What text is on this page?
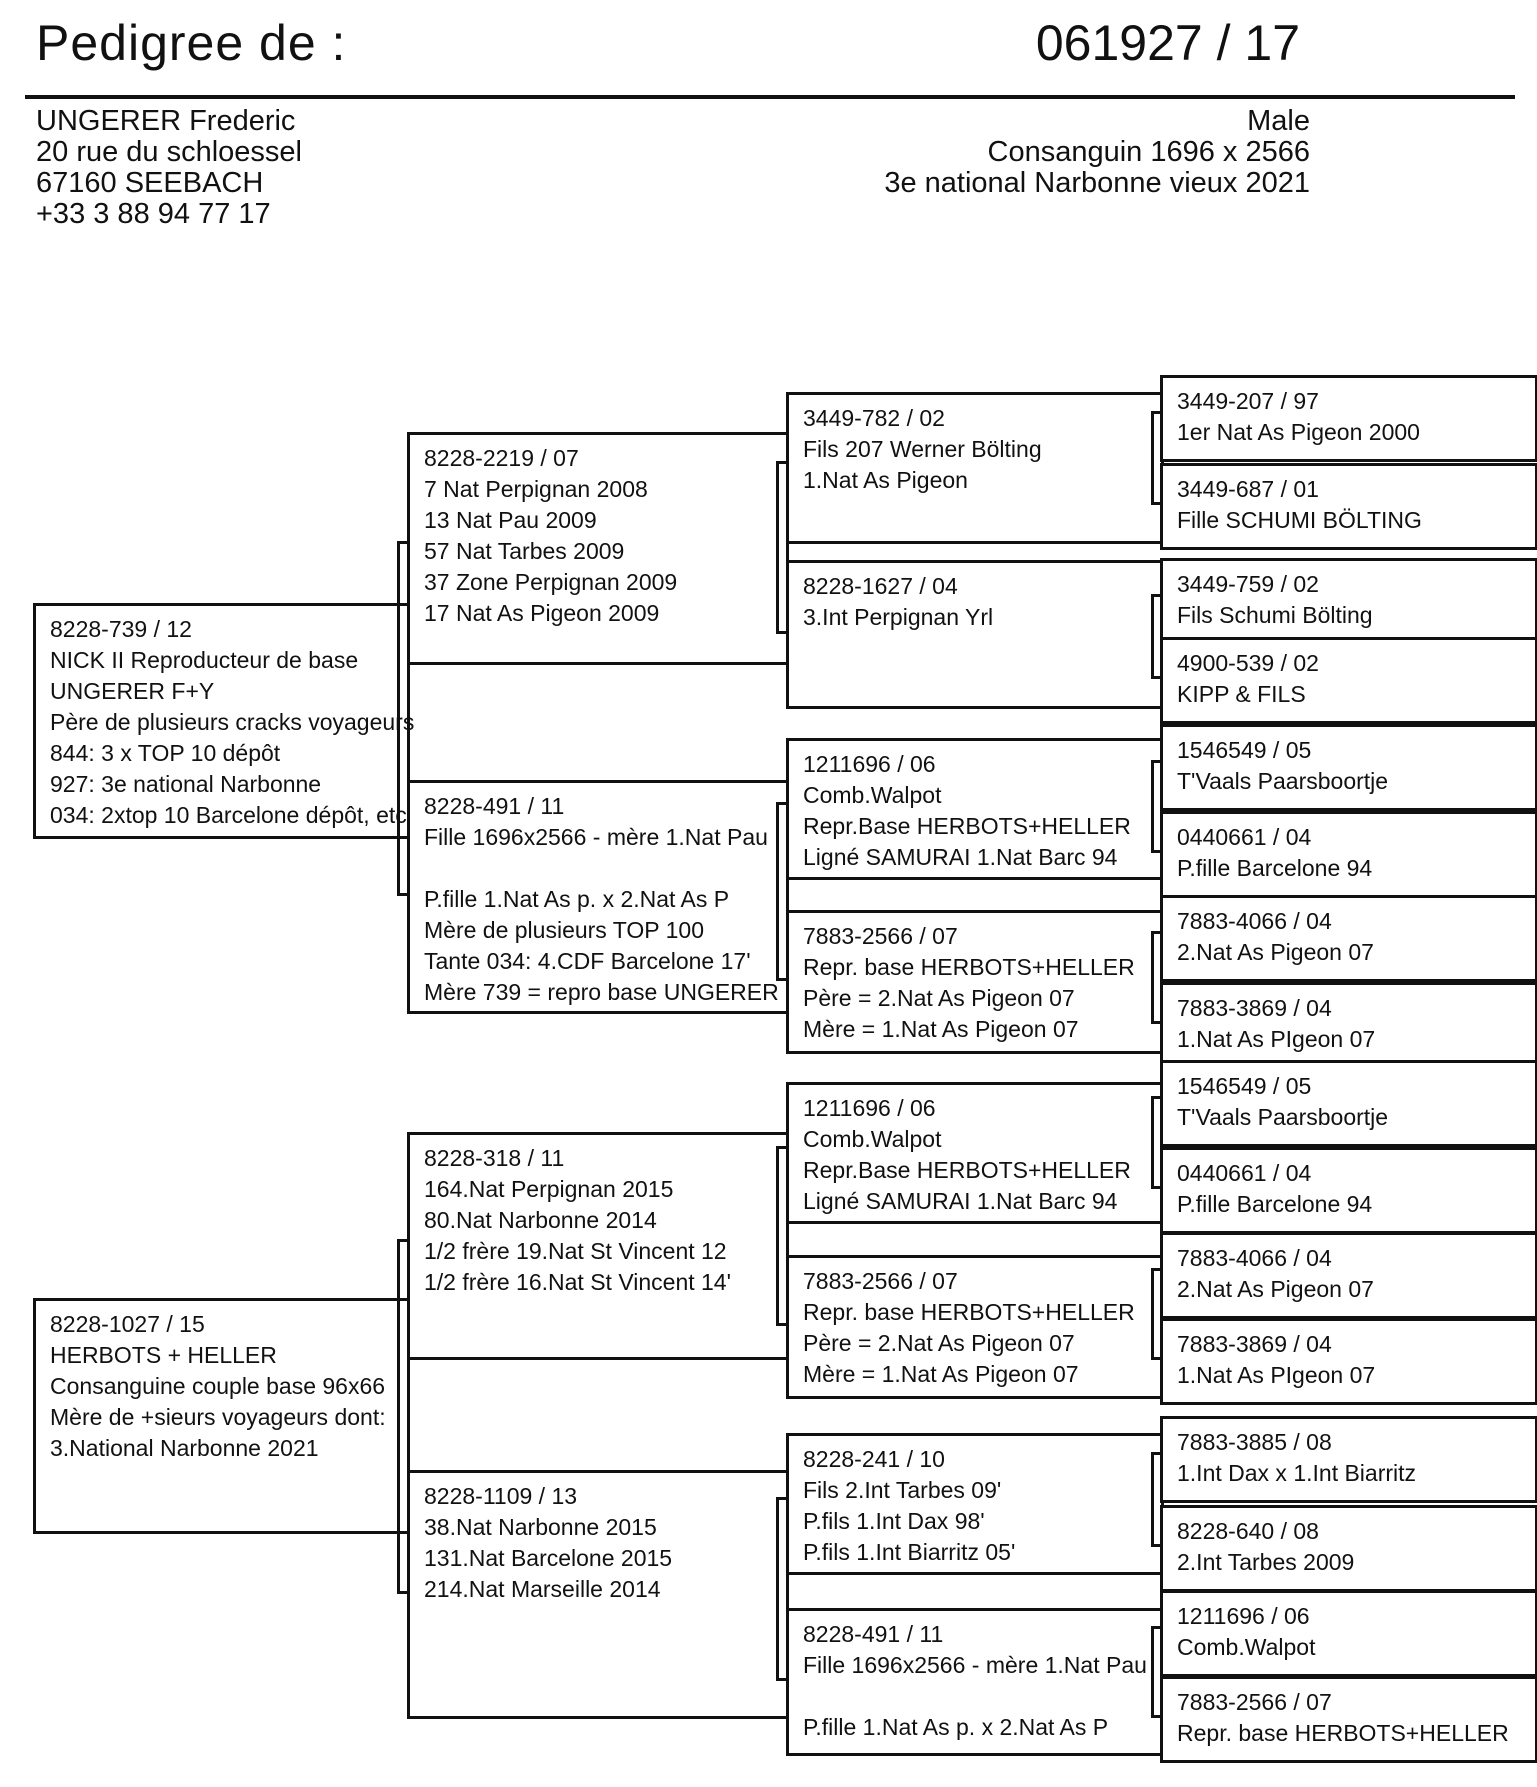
Pedigree de :	061927 / 17
UNGERER Frederic
20 rue du schloessel
67160 SEEBACH
+33 3 88 94 77 17
Male
Consanguin 1696 x 2566
3e national Narbonne vieux 2021
8228-739 / 12
NICK II Reproducteur de base
UNGERER F+Y
Père de plusieurs cracks voyageurs
844: 3 x TOP 10 dépôt
927: 3e national Narbonne
034: 2xtop 10 Barcelone dépôt, etc
8228-1027 / 15
HERBOTS + HELLER
Consanguine couple base 96x66
Mère de +sieurs voyageurs dont:
3.National Narbonne 2021
8228-2219 / 07
7 Nat Perpignan 2008
13 Nat Pau 2009
57 Nat Tarbes 2009
37 Zone Perpignan 2009
17 Nat As Pigeon 2009
8228-491 / 11
Fille 1696x2566 - mère 1.Nat Pau
P.fille 1.Nat As p. x 2.Nat As P
Mère de plusieurs TOP 100
Tante 034: 4.CDF Barcelone 17'
Mère 739 = repro base UNGERER
8228-318 / 11
164.Nat Perpignan 2015
80.Nat Narbonne 2014
1/2 frère 19.Nat St Vincent 12
1/2 frère 16.Nat St Vincent 14'
8228-1109 / 13
38.Nat Narbonne 2015
131.Nat Barcelone 2015
214.Nat Marseille 2014
3449-782 / 02
Fils 207 Werner Bölting
1.Nat As Pigeon
8228-1627 / 04
3.Int Perpignan Yrl
1211696 / 06
Comb.Walpot
Repr.Base HERBOTS+HELLER
Ligné SAMURAI 1.Nat Barc 94
7883-2566 / 07
Repr. base HERBOTS+HELLER
Père = 2.Nat As Pigeon 07
Mère = 1.Nat As Pigeon 07
1211696 / 06
Comb.Walpot
Repr.Base HERBOTS+HELLER
Ligné SAMURAI 1.Nat Barc 94
7883-2566 / 07
Repr. base HERBOTS+HELLER
Père = 2.Nat As Pigeon 07
Mère = 1.Nat As Pigeon 07
8228-241 / 10
Fils 2.Int Tarbes 09'
P.fils 1.Int Dax 98'
P.fils 1.Int Biarritz 05'
8228-491 / 11
Fille 1696x2566 - mère 1.Nat Pau
P.fille 1.Nat As p. x 2.Nat As P
3449-207 / 97
1er Nat As Pigeon 2000
3449-687 / 01
Fille SCHUMI BÖLTING
3449-759 / 02
Fils Schumi Bölting
4900-539 / 02
KIPP & FILS
1546549 / 05
T'Vaals Paarsboortje
0440661 / 04
P.fille Barcelone 94
7883-4066 / 04
2.Nat As Pigeon 07
7883-3869 / 04
1.Nat As PIgeon 07
1546549 / 05
T'Vaals Paarsboortje
0440661 / 04
P.fille Barcelone 94
7883-4066 / 04
2.Nat As Pigeon 07
7883-3869 / 04
1.Nat As PIgeon 07
7883-3885 / 08
1.Int Dax x 1.Int Biarritz
8228-640 / 08
2.Int Tarbes 2009
1211696 / 06
Comb.Walpot
7883-2566 / 07
Repr. base HERBOTS+HELLER
